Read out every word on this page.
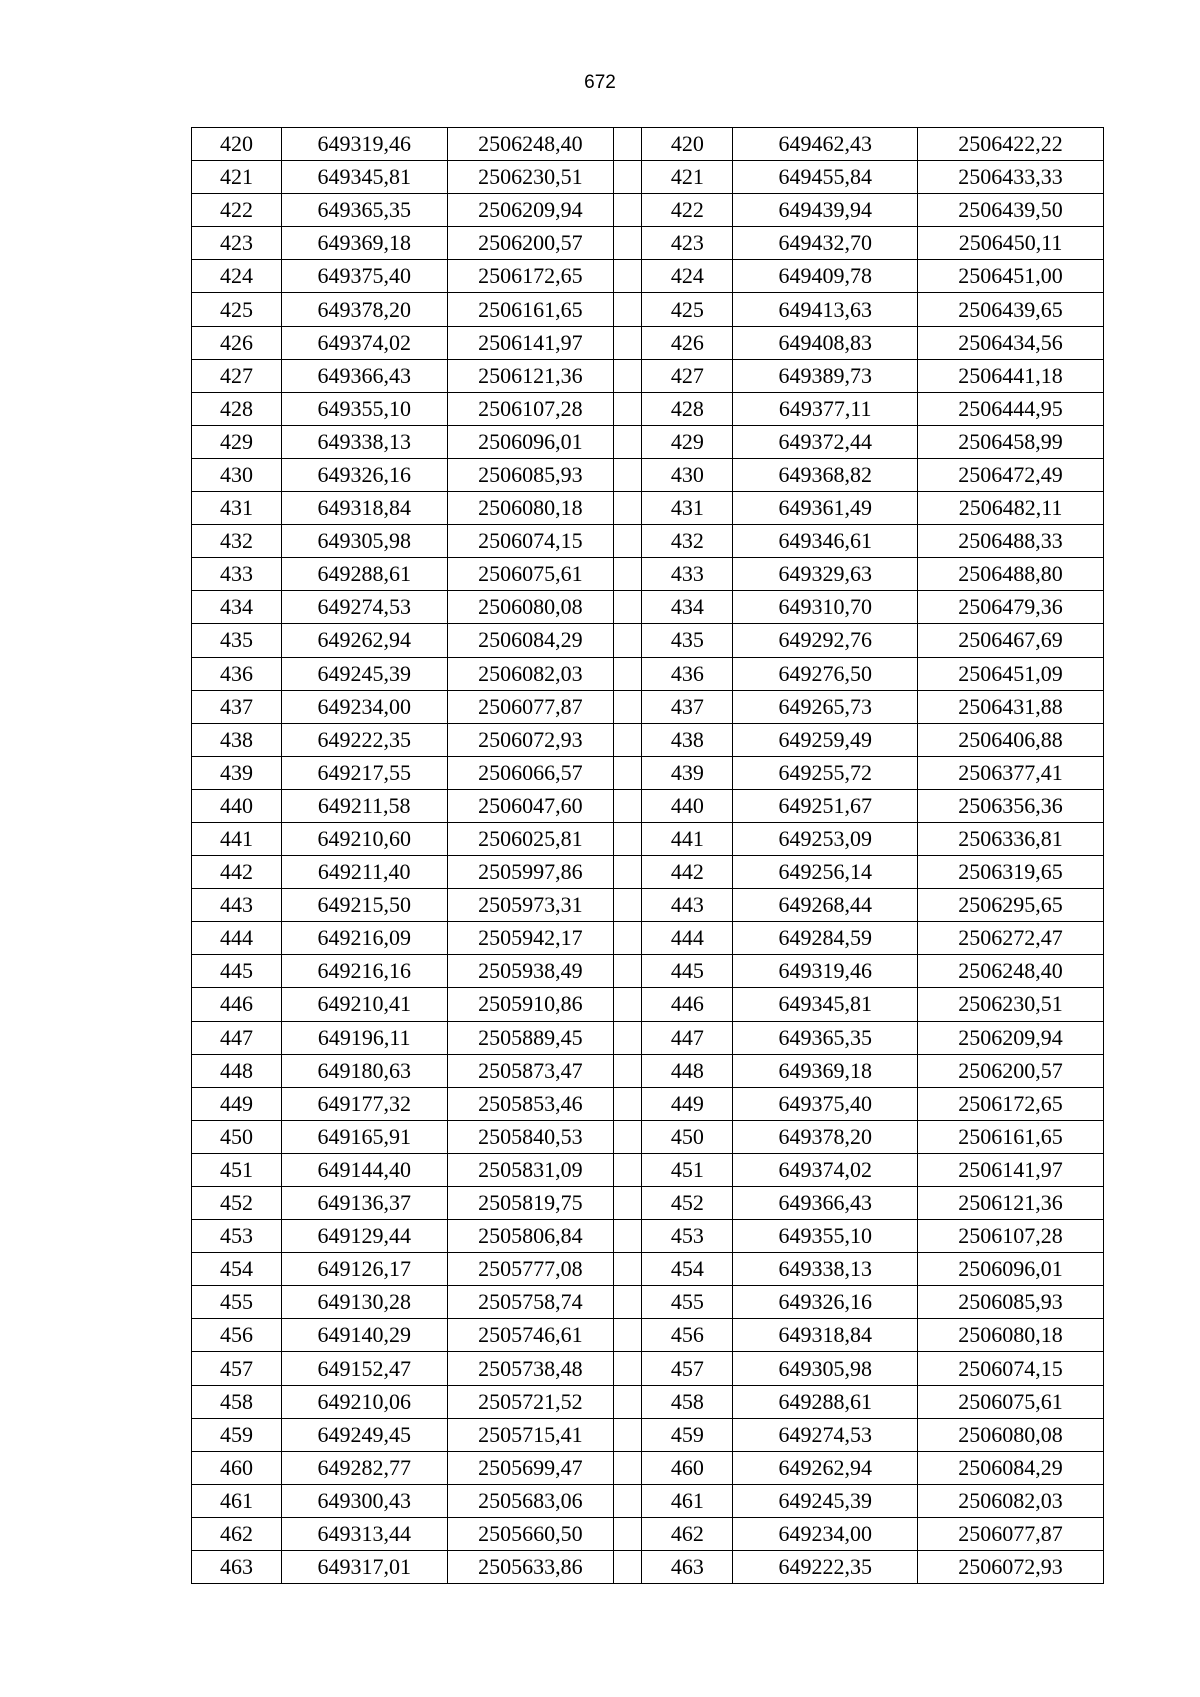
672
420	649319,46	2506248,40		420	649462,43	2506422,22
421	649345,81	2506230,51		421	649455,84	2506433,33
422	649365,35	2506209,94		422	649439,94	2506439,50
423	649369,18	2506200,57		423	649432,70	2506450,11
424	649375,40	2506172,65		424	649409,78	2506451,00
425	649378,20	2506161,65		425	649413,63	2506439,65
426	649374,02	2506141,97		426	649408,83	2506434,56
427	649366,43	2506121,36		427	649389,73	2506441,18
428	649355,10	2506107,28		428	649377,11	2506444,95
429	649338,13	2506096,01		429	649372,44	2506458,99
430	649326,16	2506085,93		430	649368,82	2506472,49
431	649318,84	2506080,18		431	649361,49	2506482,11
432	649305,98	2506074,15		432	649346,61	2506488,33
433	649288,61	2506075,61		433	649329,63	2506488,80
434	649274,53	2506080,08		434	649310,70	2506479,36
435	649262,94	2506084,29		435	649292,76	2506467,69
436	649245,39	2506082,03		436	649276,50	2506451,09
437	649234,00	2506077,87		437	649265,73	2506431,88
438	649222,35	2506072,93		438	649259,49	2506406,88
439	649217,55	2506066,57		439	649255,72	2506377,41
440	649211,58	2506047,60		440	649251,67	2506356,36
441	649210,60	2506025,81		441	649253,09	2506336,81
442	649211,40	2505997,86		442	649256,14	2506319,65
443	649215,50	2505973,31		443	649268,44	2506295,65
444	649216,09	2505942,17		444	649284,59	2506272,47
445	649216,16	2505938,49		445	649319,46	2506248,40
446	649210,41	2505910,86		446	649345,81	2506230,51
447	649196,11	2505889,45		447	649365,35	2506209,94
448	649180,63	2505873,47		448	649369,18	2506200,57
449	649177,32	2505853,46		449	649375,40	2506172,65
450	649165,91	2505840,53		450	649378,20	2506161,65
451	649144,40	2505831,09		451	649374,02	2506141,97
452	649136,37	2505819,75		452	649366,43	2506121,36
453	649129,44	2505806,84		453	649355,10	2506107,28
454	649126,17	2505777,08		454	649338,13	2506096,01
455	649130,28	2505758,74		455	649326,16	2506085,93
456	649140,29	2505746,61		456	649318,84	2506080,18
457	649152,47	2505738,48		457	649305,98	2506074,15
458	649210,06	2505721,52		458	649288,61	2506075,61
459	649249,45	2505715,41		459	649274,53	2506080,08
460	649282,77	2505699,47		460	649262,94	2506084,29
461	649300,43	2505683,06		461	649245,39	2506082,03
462	649313,44	2505660,50		462	649234,00	2506077,87
463	649317,01	2505633,86		463	649222,35	2506072,93
